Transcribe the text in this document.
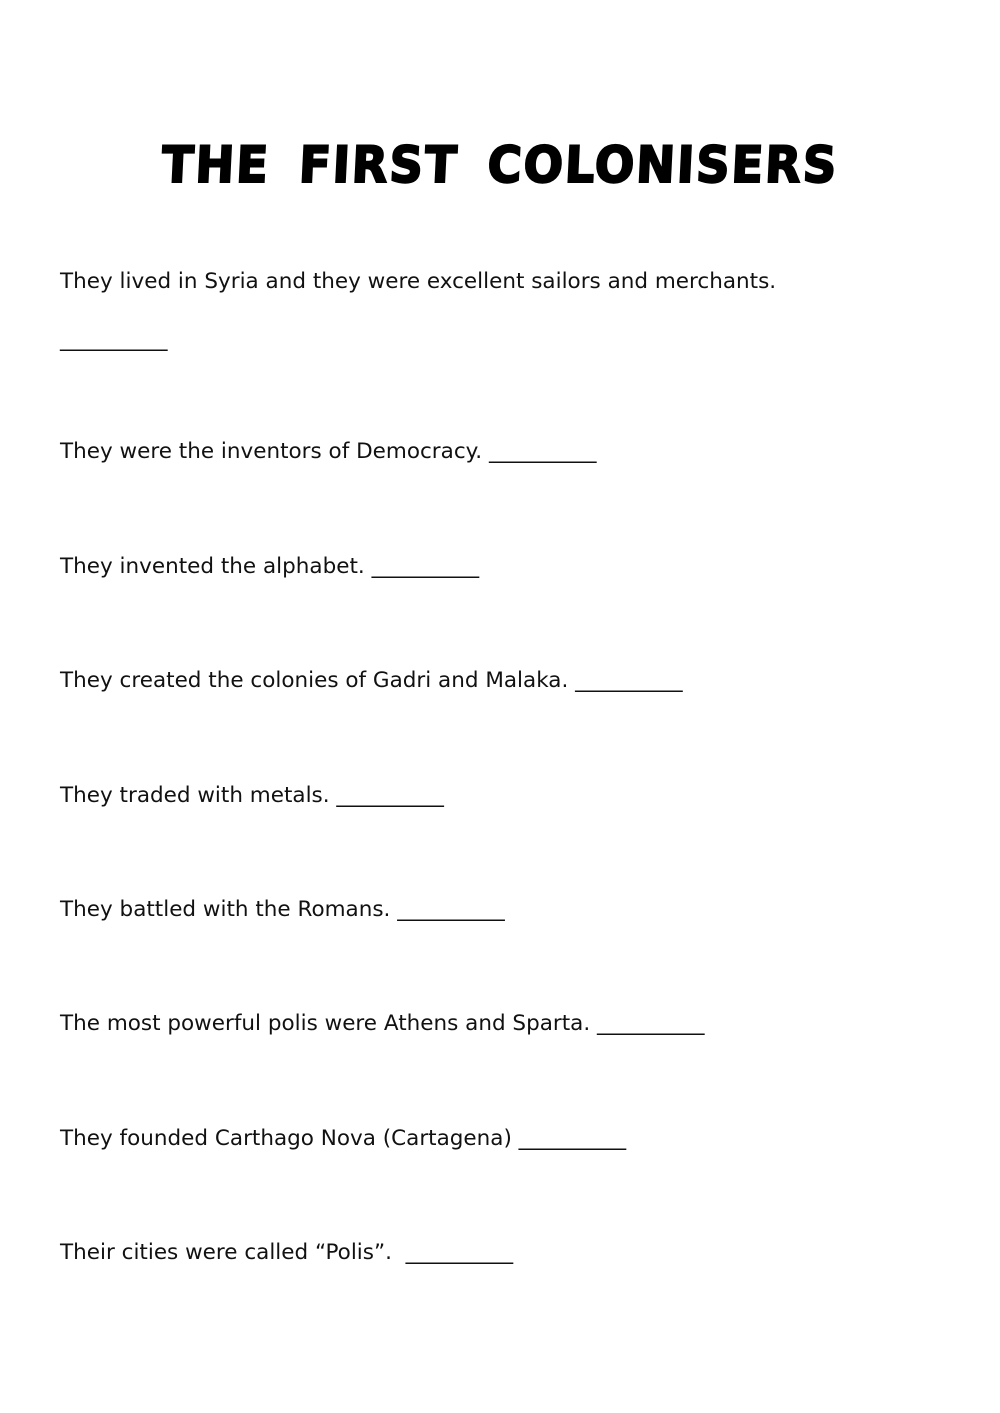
THE FIRST COLONISERS
They lived in Syria and they were excellent sailors and merchants.
__________
They were the inventors of Democracy. __________
They invented the alphabet. __________
They created the colonies of Gadri and Malaka. __________
They traded with metals. __________
They battled with the Romans. __________
The most powerful polis were Athens and Sparta. __________
They founded Carthago Nova (Cartagena) __________
Their cities were called “Polis”.  __________
